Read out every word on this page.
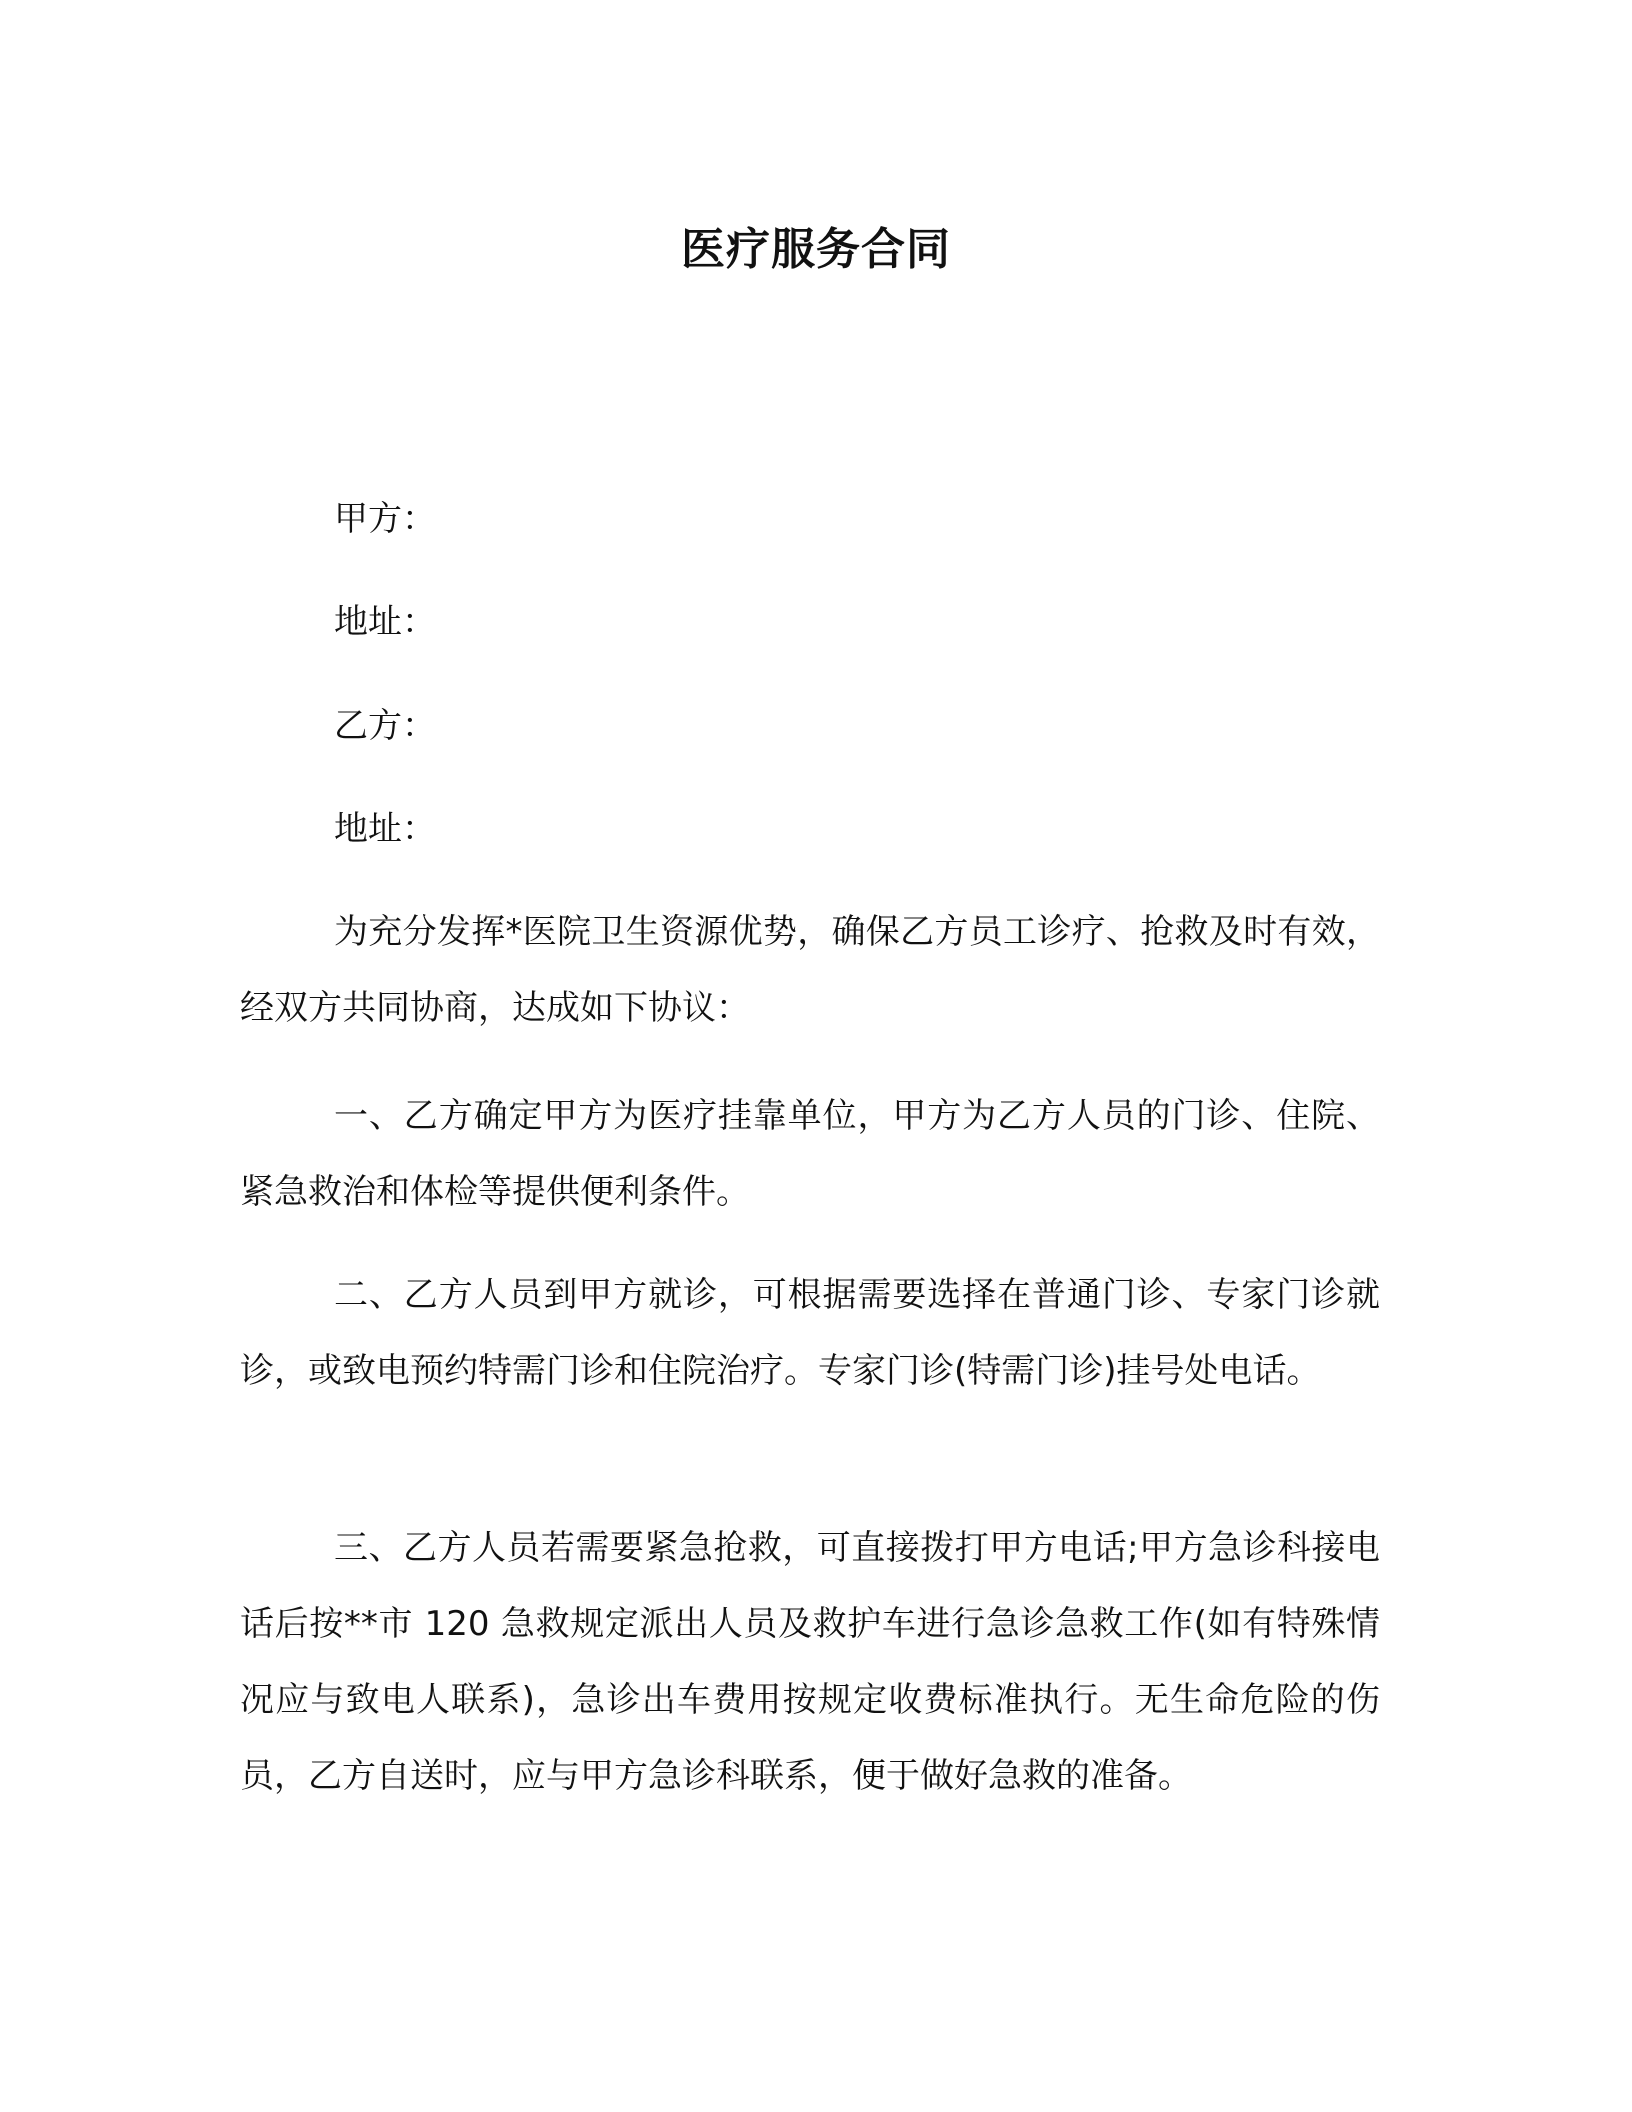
医疗服务合同
甲方：
地址：
乙方：
地址：
为充分发挥*医院卫生资源优势，确保乙方员工诊疗、抢救及时有效，经双方共同协商，达成如下协议：
一、乙方确定甲方为医疗挂靠单位，甲方为乙方人员的门诊、住院、紧急救治和体检等提供便利条件。
二、乙方人员到甲方就诊，可根据需要选择在普通门诊、专家门诊就诊，或致电预约特需门诊和住院治疗。专家门诊(特需门诊)挂号处电话。
三、乙方人员若需要紧急抢救，可直接拨打甲方电话;甲方急诊科接电话后按**市 120 急救规定派出人员及救护车进行急诊急救工作(如有特殊情况应与致电人联系)，急诊出车费用按规定收费标准执行。无生命危险的伤员，乙方自送时，应与甲方急诊科联系，便于做好急救的准备。
